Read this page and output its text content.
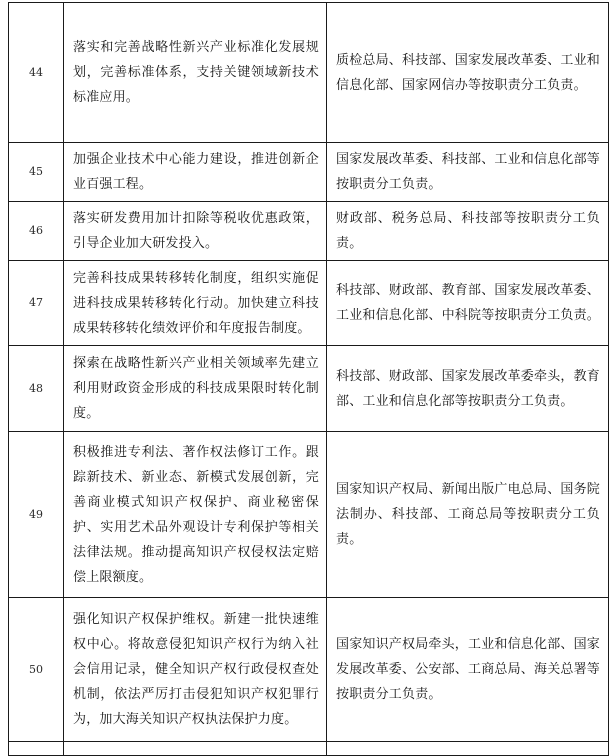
44	落实和完善战略性新兴产业标准化发展规划，完善标准体系，支持关键领域新技术标准应用。	质检总局、科技部、国家发展改革委、工业和信息化部、国家网信办等按职责分工负责。

45	加强企业技术中心能力建设，推进创新企业百强工程。	国家发展改革委、科技部、工业和信息化部等按职责分工负责。

46	落实研发费用加计扣除等税收优惠政策，引导企业加大研发投入。	财政部、税务总局、科技部等按职责分工负责。

47	完善科技成果转移转化制度，组织实施促进科技成果转移转化行动。加快建立科技成果转移转化绩效评价和年度报告制度。	科技部、财政部、教育部、国家发展改革委、工业和信息化部、中科院等按职责分工负责。

48	探索在战略性新兴产业相关领域率先建立利用财政资金形成的科技成果限时转化制度。	科技部、财政部、国家发展改革委牵头，教育部、工业和信息化部等按职责分工负责。

49	积极推进专利法、著作权法修订工作。跟踪新技术、新业态、新模式发展创新，完善商业模式知识产权保护、商业秘密保护、实用艺术品外观设计专利保护等相关法律法规。推动提高知识产权侵权法定赔偿上限额度。	国家知识产权局、新闻出版广电总局、国务院法制办、科技部、工商总局等按职责分工负责。

50	强化知识产权保护维权。新建一批快速维权中心。将故意侵犯知识产权行为纳入社会信用记录，健全知识产权行政侵权查处机制，依法严厉打击侵犯知识产权犯罪行为，加大海关知识产权执法保护力度。	国家知识产权局牵头，工业和信息化部、国家发展改革委、公安部、工商总局、海关总署等按职责分工负责。
